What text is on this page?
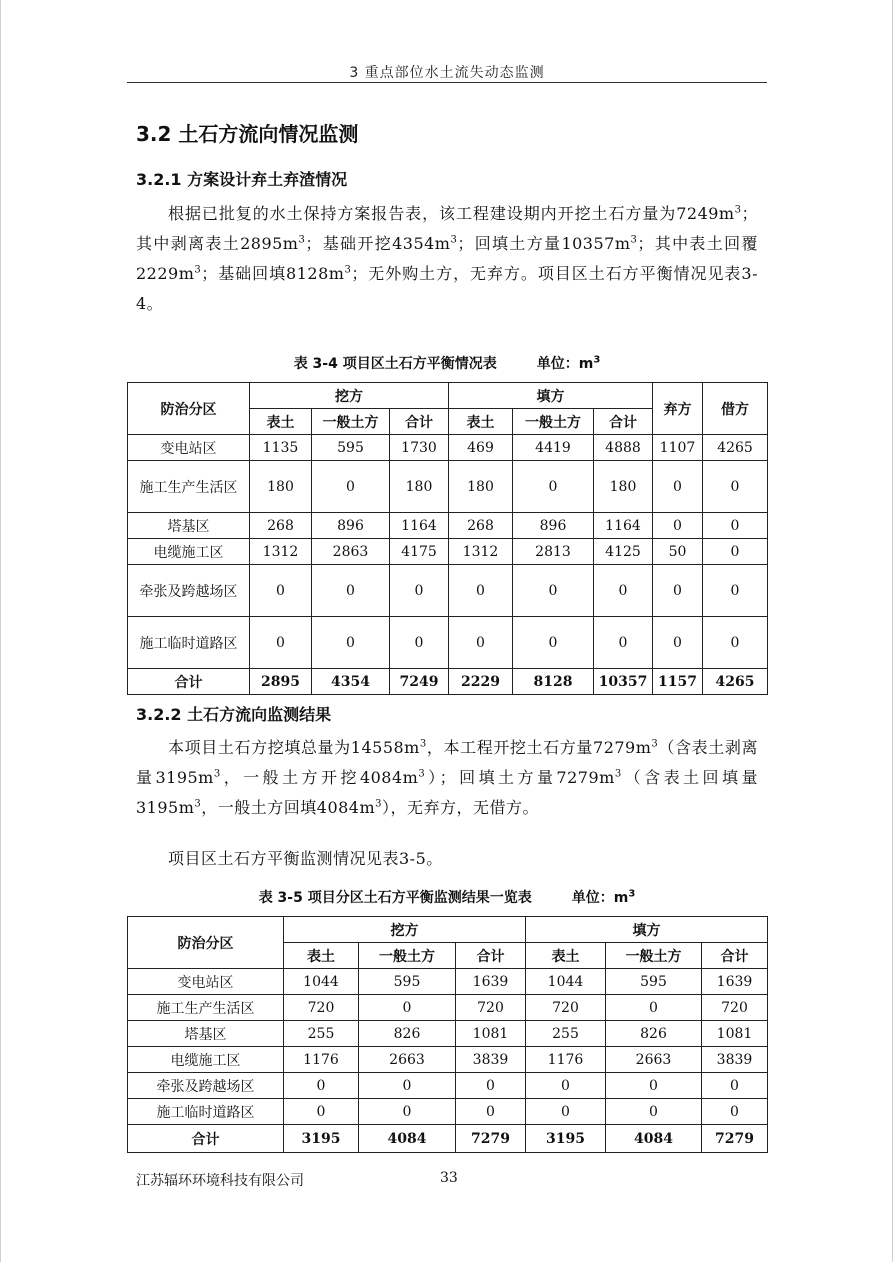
3 重点部位水土流失动态监测
3.2 土石方流向情况监测
3.2.1 方案设计弃土弃渣情况
根据已批复的水土保持方案报告表，该工程建设期内开挖土石方量为$7249m^3$；其中剥离表土$2895m^3$；基础开挖$4354m^3$；回填土方量$10357m^3$；其中表土回覆$2229m^3$；基础回填$8128m^3$；无外购土方，无弃方。项目区土石方平衡情况见表3-4。
表 3-4 项目区土石方平衡情况表	单位：$m^3$
防治分区	挖方			填方			弃方	借方
	表土	一般土方	合计	表土	一般土方	合计		
变电站区	1135	595	1730	469	4419	4888	1107	4265
施工生产生活区	180	0	180	180	0	180	0	0
塔基区	268	896	1164	268	896	1164	0	0
电缆施工区	1312	2863	4175	1312	2813	4125	50	0
牵张及跨越场区	0	0	0	0	0	0	0	0
施工临时道路区	0	0	0	0	0	0	0	0
合计	2895	4354	7249	2229	8128	10357	1157	4265
3.2.2 土石方流向监测结果
本项目土石方挖填总量为$14558m^3$，本工程开挖土石方量$7279m^3$（含表土剥离量$3195m^3$，一般土方开挖$4084m^3$）；回填土方量$7279m^3$（含表土回填量$3195m^3$，一般土方回填$4084m^3$），无弃方，无借方。
项目区土石方平衡监测情况见表3-5。
表 3-5 项目分区土石方平衡监测结果一览表	单位：$m^3$
防治分区	挖方			填方		
	表土	一般土方	合计	表土	一般土方	合计
变电站区	1044	595	1639	1044	595	1639
施工生产生活区	720	0	720	720	0	720
塔基区	255	826	1081	255	826	1081
电缆施工区	1176	2663	3839	1176	2663	3839
牵张及跨越场区	0	0	0	0	0	0
施工临时道路区	0	0	0	0	0	0
合计	3195	4084	7279	3195	4084	7279
江苏辐环环境科技有限公司	33
